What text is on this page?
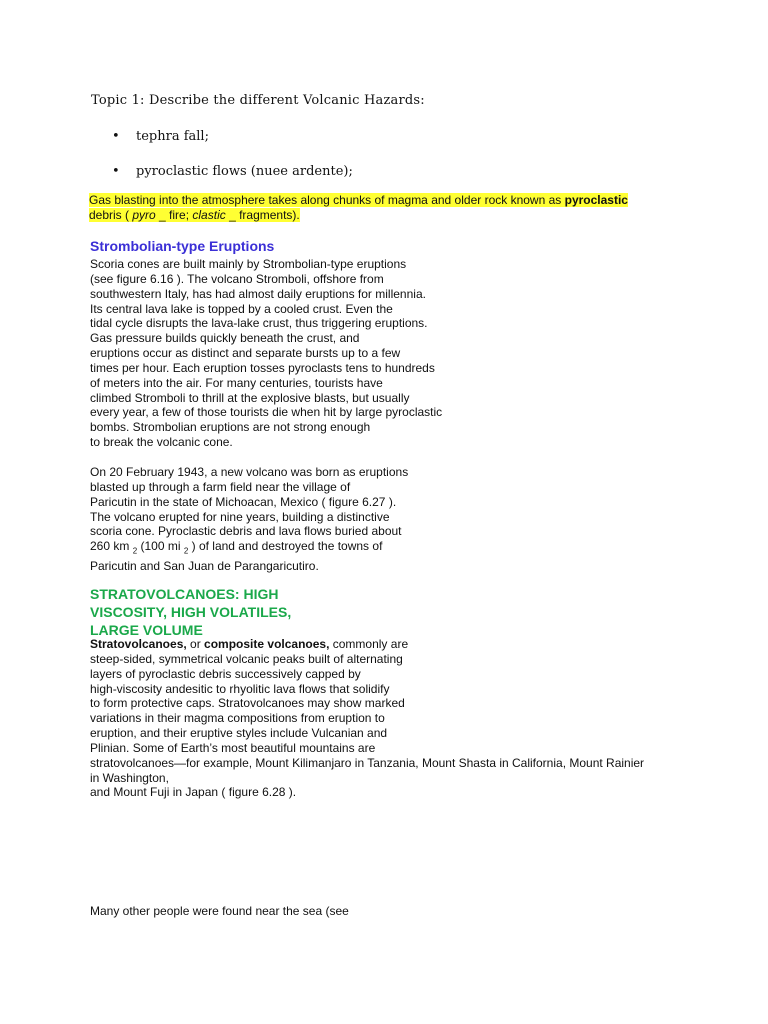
Topic 1: Describe the different Volcanic Hazards:
• tephra fall;
• pyroclastic flows (nuee ardente);
Gas blasting into the atmosphere takes along chunks of magma and older rock known as pyroclastic
debris ( pyro _ fire; clastic _ fragments).
Strombolian-type Eruptions
Scoria cones are built mainly by Strombolian-type eruptions
(see figure 6.16 ). The volcano Stromboli, offshore from
southwestern Italy, has had almost daily eruptions for millennia.
Its central lava lake is topped by a cooled crust. Even the
tidal cycle disrupts the lava-lake crust, thus triggering eruptions.
Gas pressure builds quickly beneath the crust, and
eruptions occur as distinct and separate bursts up to a few
times per hour. Each eruption tosses pyroclasts tens to hundreds
of meters into the air. For many centuries, tourists have
climbed Stromboli to thrill at the explosive blasts, but usually
every year, a few of those tourists die when hit by large pyroclastic
bombs. Strombolian eruptions are not strong enough
to break the volcanic cone.
On 20 February 1943, a new volcano was born as eruptions
blasted up through a farm field near the village of
Paricutin in the state of Michoacan, Mexico ( figure 6.27 ).
The volcano erupted for nine years, building a distinctive
scoria cone. Pyroclastic debris and lava flows buried about
260 km $_2$ (100 mi $_2$ ) of land and destroyed the towns of
Paricutin and San Juan de Parangaricutiro.
STRATOVOLCANOES: HIGH
VISCOSITY, HIGH VOLATILES,
LARGE VOLUME
Stratovolcanoes, or composite volcanoes, commonly are
steep-sided, symmetrical volcanic peaks built of alternating
layers of pyroclastic debris successively capped by
high-viscosity andesitic to rhyolitic lava flows that solidify
to form protective caps. Stratovolcanoes may show marked
variations in their magma compositions from eruption to
eruption, and their eruptive styles include Vulcanian and
Plinian. Some of Earth’s most beautiful mountains are
stratovolcanoes—for example, Mount Kilimanjaro in Tanzania, Mount Shasta in California, Mount Rainier
in Washington,
and Mount Fuji in Japan ( figure 6.28 ).
Many other people were found near the sea (see
